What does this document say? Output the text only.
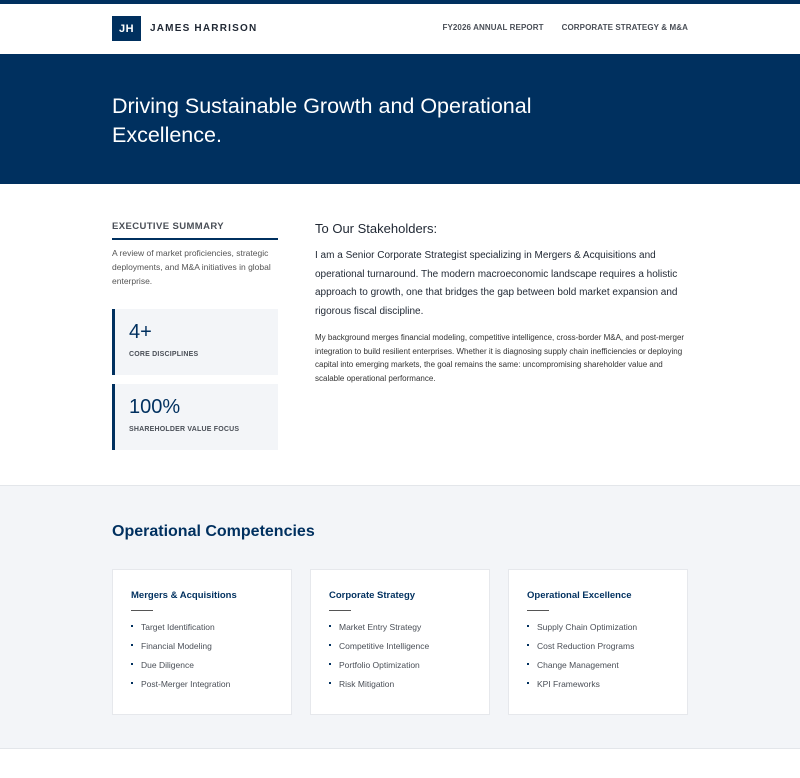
JH	JAMES HARRISON	FY2026 ANNUAL REPORT CORPORATE STRATEGY & M&A
Driving Sustainable Growth and Operational Excellence.
EXECUTIVE SUMMARY

A review of market proficiencies, strategic deployments, and M&A initiatives in global enterprise.

4+
CORE DISCIPLINES
100%
SHAREHOLDER VALUE FOCUS
To Our Stakeholders:

I am a Senior Corporate Strategist specializing in Mergers & Acquisitions and operational turnaround. The modern macroeconomic landscape requires a holistic approach to growth, one that bridges the gap between bold market expansion and rigorous fiscal discipline.

My background merges financial modeling, competitive intelligence, cross-border M&A, and post-merger integration to build resilient enterprises. Whether it is diagnosing supply chain inefficiencies or deploying capital into emerging markets, the goal remains the same: uncompromising shareholder value and scalable operational performance.

Operational Competencies
Mergers & Acquisitions
Target Identification
Financial Modeling
Due Diligence
Post-Merger Integration
Corporate Strategy
Market Entry Strategy
Competitive Intelligence
Portfolio Optimization
Risk Mitigation
Operational Excellence
Supply Chain Optimization
Cost Reduction Programs
Change Management
KPI Frameworks
